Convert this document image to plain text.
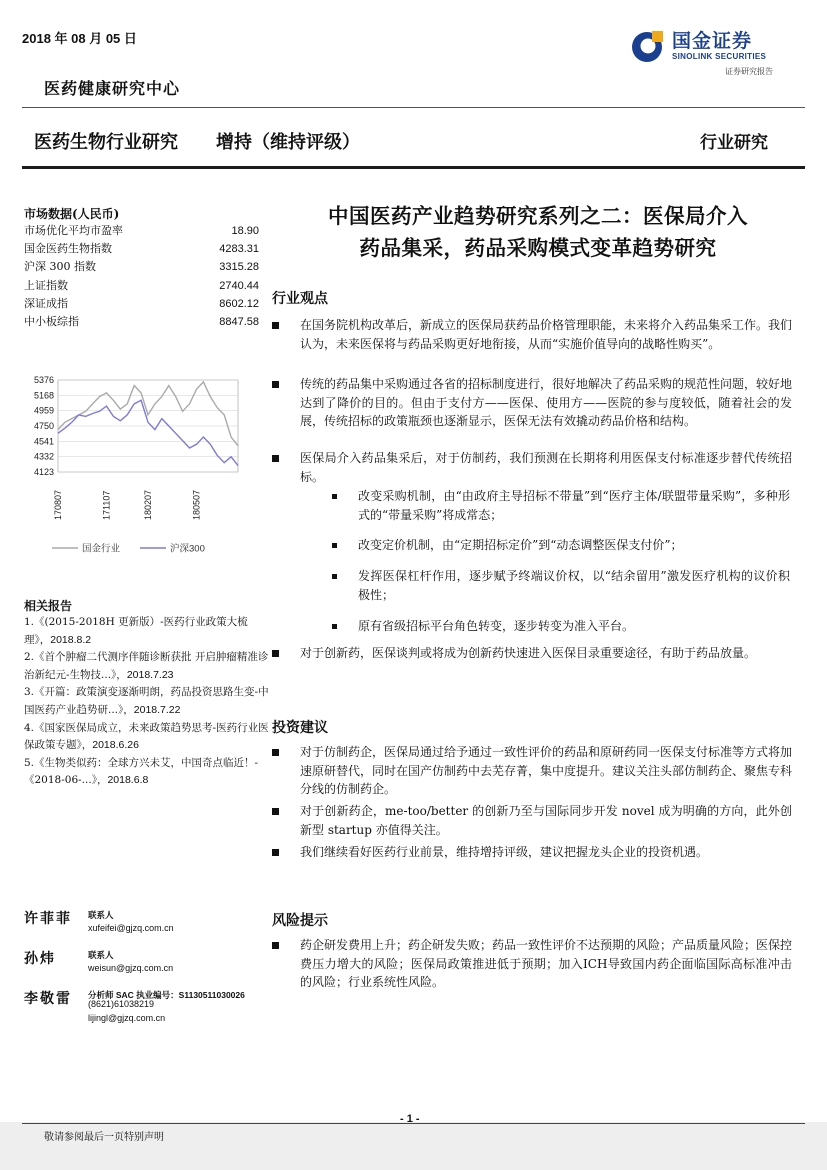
2018 年 08 月 05 日	国金证券
SINOLINK SECURITIES
证券研究报告
医药健康研究中心
医药生物行业研究 增持（维持评级）	行业研究
市场数据(人民币)
市场优化平均市盈率	18.90
国金医药生物指数	4283.31
沪深 300 指数	3315.28
上证指数	2740.44
深证成指	8602.12
中小板综指	8847.58
5376
5168
4959
4750
4541
4332
4123
170807	171107	180207	180507
国金行业	沪深300
相关报告
1.《(2015-2018H 更新版）-医药行业政策大梳理》，2018.8.2
2.《首个肿瘤二代测序伴随诊断获批 开启肿瘤精准诊治新纪元-生物技...》，2018.7.23
3.《开篇：政策演变逐渐明朗，药品投资思路生变-中国医药产业趋势研...》，2018.7.22
4.《国家医保局成立，未来政策趋势思考-医药行业医保政策专题》，2018.6.26
5.《生物类似药：全球方兴未艾，中国奇点临近！-《2018-06-...》，2018.6.8
许菲菲 联系人
xufeifei@gjzq.com.cn
孙炜	联系人
weisun@gjzq.com.cn
李敬雷 分析师 SAC 执业编号：S1130511030026
(8621)61038219
lijingl@gjzq.com.cn
中国医药产业趋势研究系列之二：医保局介入
药品集采，药品采购模式变革趋势研究
行业观点
在国务院机构改革后，新成立的医保局获药品价格管理职能，未来将介入药品集采工作。我们认为，未来医保将与药品采购更好地衔接，从而“实施价值导向的战略性购买”。
传统的药品集中采购通过各省的招标制度进行，很好地解决了药品采购的规范性问题，较好地达到了降价的目的。但由于支付方——医保、使用方——医院的参与度较低，随着社会的发展，传统招标的政策瓶颈也逐渐显示，医保无法有效撬动药品价格和结构。
医保局介入药品集采后，对于仿制药，我们预测在长期将利用医保支付标准逐步替代传统招标。
改变采购机制，由“由政府主导招标不带量”到“医疗主体/联盟带量采购”，多种形式的“带量采购”将成常态；
改变定价机制，由“定期招标定价”到“动态调整医保支付价”；
发挥医保杠杆作用，逐步赋予终端议价权，以“结余留用”激发医疗机构的议价积极性；
原有省级招标平台角色转变，逐步转变为准入平台。
对于创新药，医保谈判或将成为创新药快速进入医保目录重要途径，有助于药品放量。
投资建议
对于仿制药企，医保局通过给予通过一致性评价的药品和原研药同一医保支付标准等方式将加速原研替代，同时在国产仿制药中去芜存菁，集中度提升。建议关注头部仿制药企、聚焦专科分线的仿制药企。
对于创新药企，me-too/better 的创新乃至与国际同步开发 novel 成为明确的方向，此外创新型 startup 亦值得关注。
我们继续看好医药行业前景，维持增持评级，建议把握龙头企业的投资机遇。
风险提示
药企研发费用上升；药企研发失败；药品一致性评价不达预期的风险；产品质量风险；医保控费压力增大的风险；医保局政策推进低于预期；加入ICH导致国内药企面临国际高标准冲击的风险；行业系统性风险。
- 1 -
敬请参阅最后一页特别声明
